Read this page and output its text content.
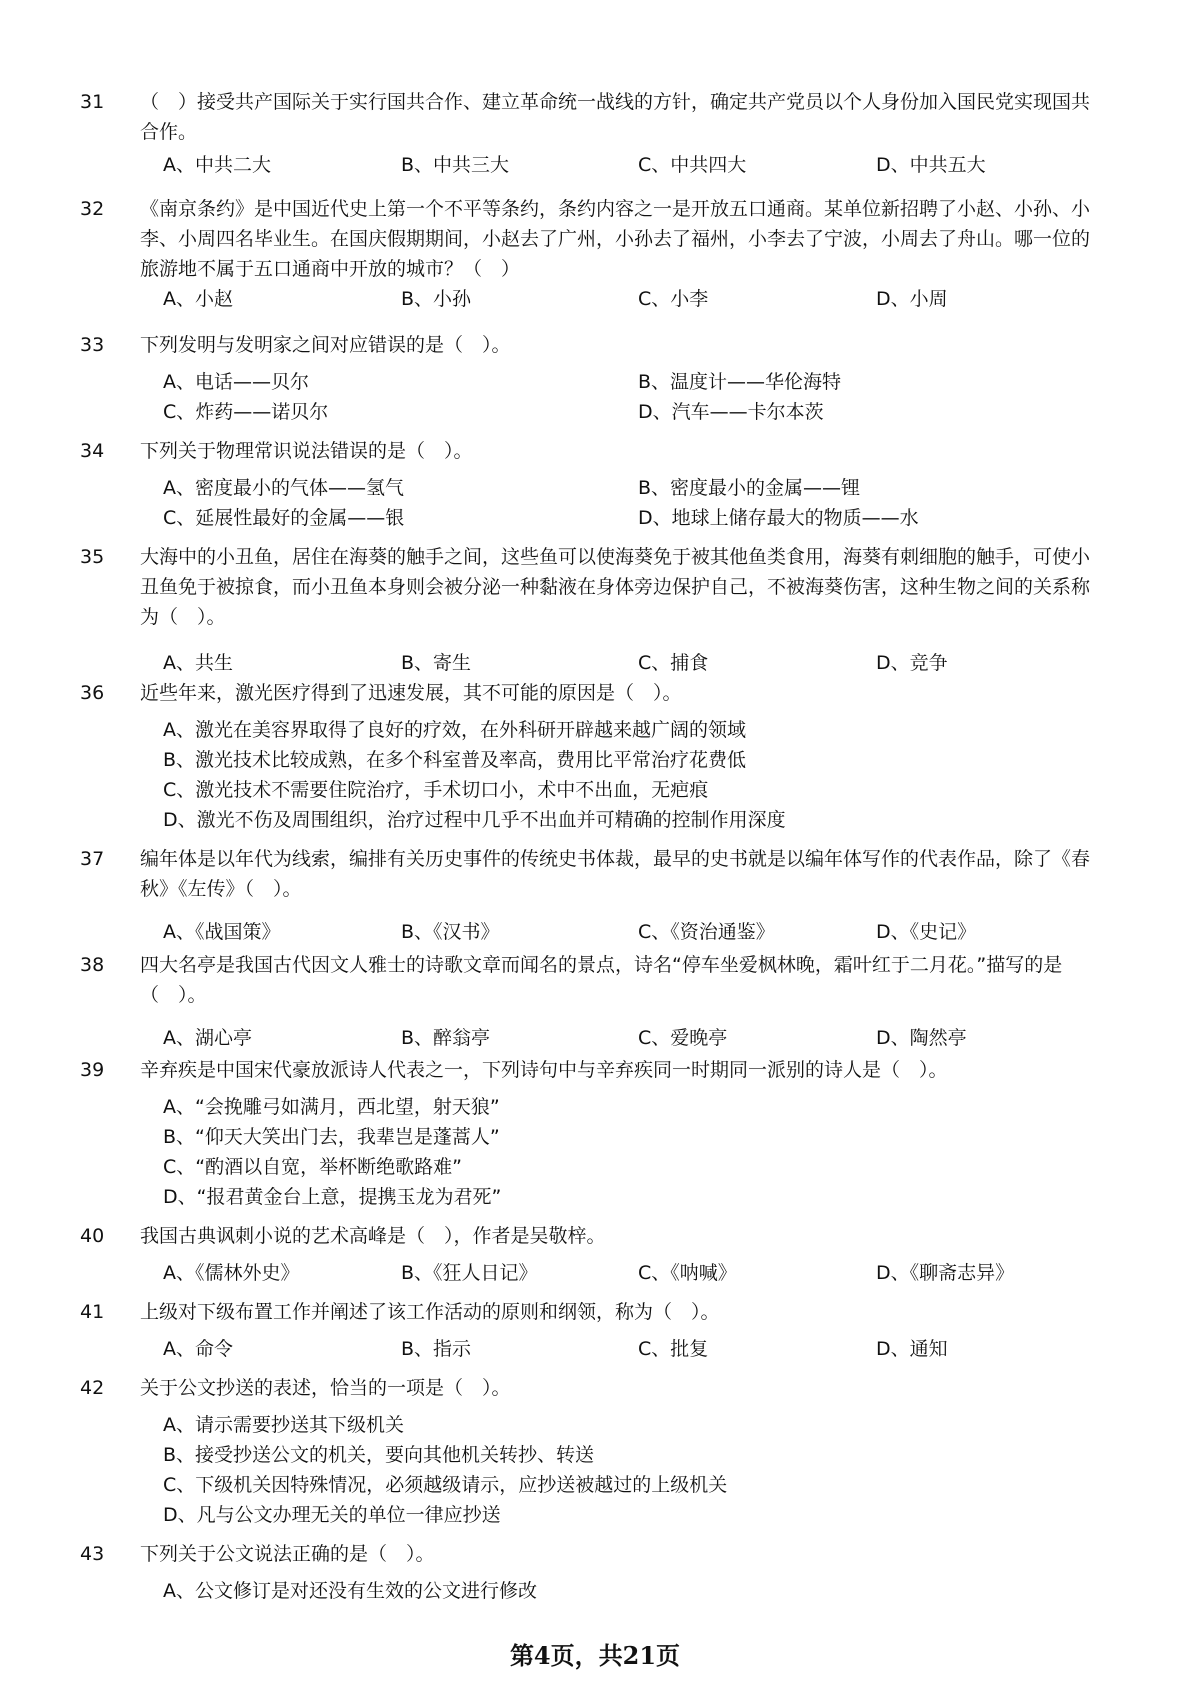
31	（　）接受共产国际关于实行国共合作、建立革命统一战线的方针，确定共产党员以个人身份加入国民党实现国共合作。
A、中共二大	B、中共三大	C、中共四大	D、中共五大
32	《南京条约》是中国近代史上第一个不平等条约，条约内容之一是开放五口通商。某单位新招聘了小赵、小孙、小李、小周四名毕业生。在国庆假期期间，小赵去了广州，小孙去了福州，小李去了宁波，小周去了舟山。哪一位的旅游地不属于五口通商中开放的城市？（　）
A、小赵	B、小孙	C、小李	D、小周
33	下列发明与发明家之间对应错误的是（　）。
A、电话——贝尔	B、温度计——华伦海特
C、炸药——诺贝尔	D、汽车——卡尔本茨
34	下列关于物理常识说法错误的是（　）。
A、密度最小的气体——氢气	B、密度最小的金属——锂
C、延展性最好的金属——银	D、地球上储存最大的物质——水
35	大海中的小丑鱼，居住在海葵的触手之间，这些鱼可以使海葵免于被其他鱼类食用，海葵有刺细胞的触手，可使小丑鱼免于被掠食，而小丑鱼本身则会被分泌一种黏液在身体旁边保护自己，不被海葵伤害，这种生物之间的关系称为（　）。
A、共生	B、寄生	C、捕食	D、竞争
36	近些年来，激光医疗得到了迅速发展，其不可能的原因是（　）。
A、激光在美容界取得了良好的疗效，在外科研开辟越来越广阔的领域
B、激光技术比较成熟，在多个科室普及率高，费用比平常治疗花费低
C、激光技术不需要住院治疗，手术切口小，术中不出血，无疤痕
D、激光不伤及周围组织，治疗过程中几乎不出血并可精确的控制作用深度
37	编年体是以年代为线索，编排有关历史事件的传统史书体裁，最早的史书就是以编年体写作的代表作品，除了《春秋》《左传》（　）。
A、《战国策》	B、《汉书》	C、《资治通鉴》	D、《史记》
38	四大名亭是我国古代因文人雅士的诗歌文章而闻名的景点，诗名“停车坐爱枫林晚，霜叶红于二月花。”描写的是（　）。
A、湖心亭	B、醉翁亭	C、爱晚亭	D、陶然亭
39	辛弃疾是中国宋代豪放派诗人代表之一，下列诗句中与辛弃疾同一时期同一派别的诗人是（　）。
A、“会挽雕弓如满月，西北望，射天狼”
B、“仰天大笑出门去，我辈岂是蓬蒿人”
C、“酌酒以自宽，举杯断绝歌路难”
D、“报君黄金台上意，提携玉龙为君死”
40	我国古典讽刺小说的艺术高峰是（　），作者是吴敬梓。
A、《儒林外史》	B、《狂人日记》	C、《呐喊》	D、《聊斋志异》
41	上级对下级布置工作并阐述了该工作活动的原则和纲领，称为（　）。
A、命令	B、指示	C、批复	D、通知
42	关于公文抄送的表述，恰当的一项是（　）。
A、请示需要抄送其下级机关
B、接受抄送公文的机关，要向其他机关转抄、转送
C、下级机关因特殊情况，必须越级请示，应抄送被越过的上级机关
D、凡与公文办理无关的单位一律应抄送
43	下列关于公文说法正确的是（　）。
A、公文修订是对还没有生效的公文进行修改
第4页，共21页
